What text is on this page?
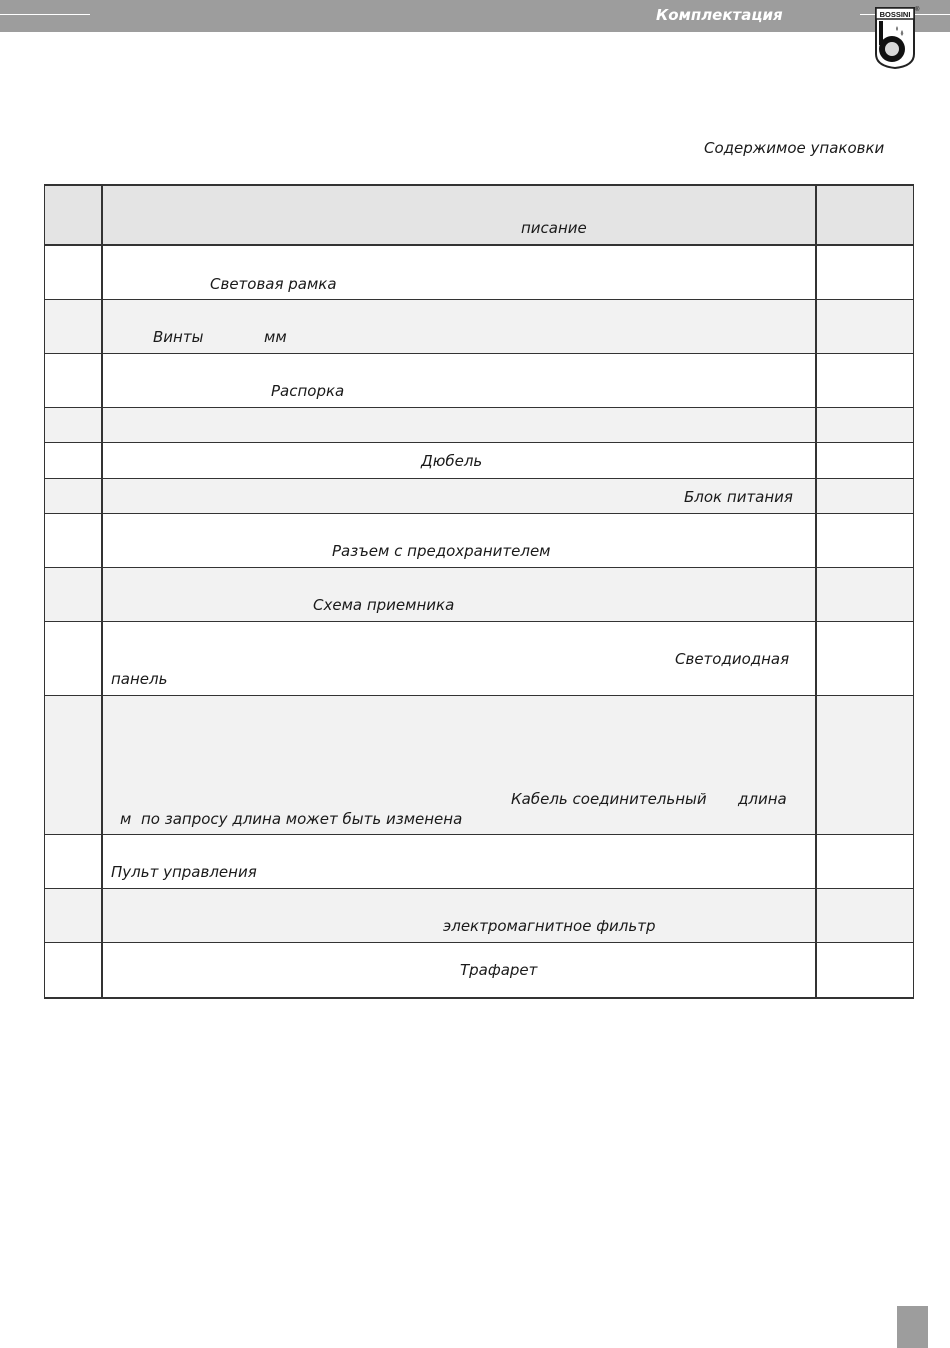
Комплектация	BOSSINI ®
Содержимое упаковки
писание
Световая рамка
Винты	мм
Распорка
Дюбель
Блок питания
Разъем с предохранителем
Схема приемника
Светодиодная
панель
Кабель соединительный длина
м по запросу длина может быть изменена
Пульт управления
электромагнитное фильтр
Трафарет
